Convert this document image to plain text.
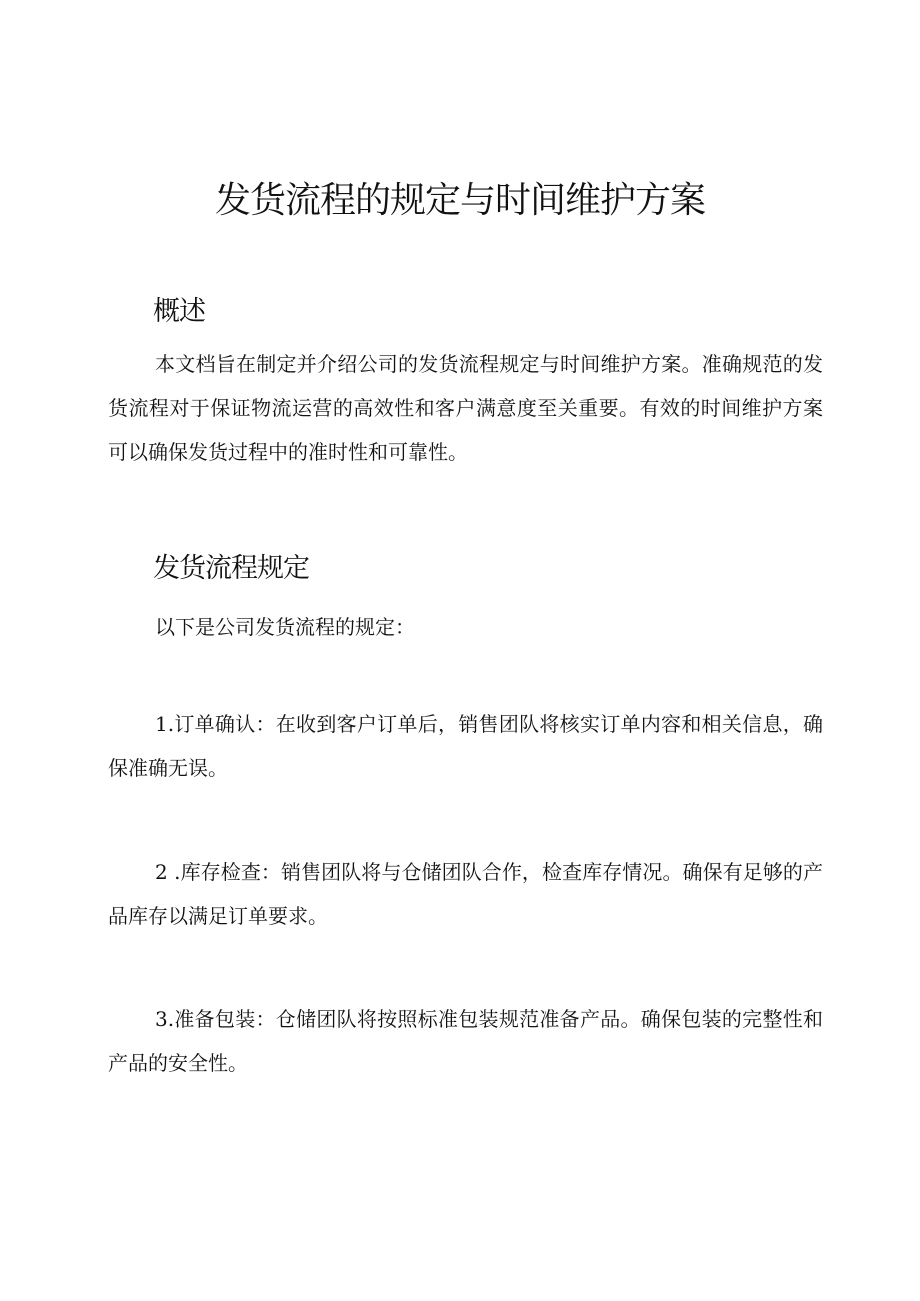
发货流程的规定与时间维护方案
概述

本文档旨在制定并介绍公司的发货流程规定与时间维护方案。准确规范的发货流程对于保证物流运营的高效性和客户满意度至关重要。有效的时间维护方案可以确保发货过程中的准时性和可靠性。

发货流程规定

以下是公司发货流程的规定：

1.订单确认：在收到客户订单后，销售团队将核实订单内容和相关信息，确保准确无误。

2 .库存检查：销售团队将与仓储团队合作，检查库存情况。确保有足够的产品库存以满足订单要求。

3.准备包装：仓储团队将按照标准包装规范准备产品。确保包装的完整性和产品的安全性。
